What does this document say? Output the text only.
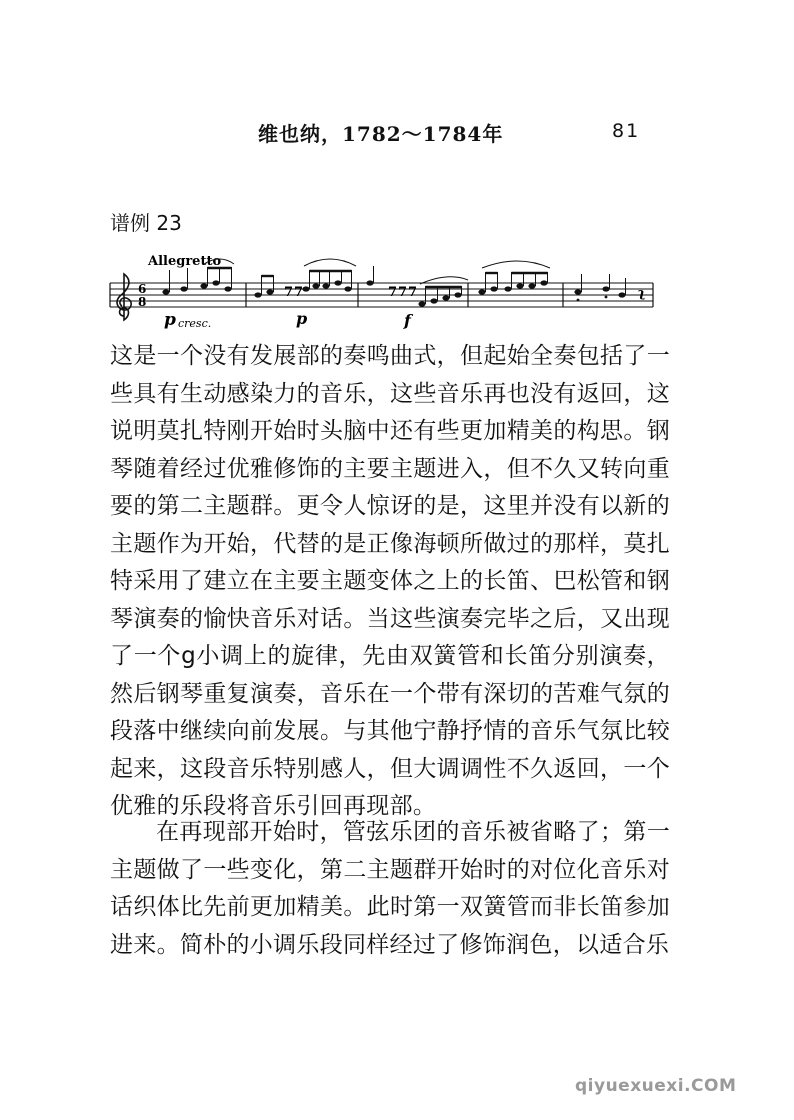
维也纳，1782～1784年	81
谱例 23
Allegretto
6
8
7 7	7 7 7	ʅ
p cresc.	p	f

这是一个没有发展部的奏鸣曲式，但起始全奏包括了一些具有生动感染力的音乐，这些音乐再也没有返回，这说明莫扎特刚开始时头脑中还有些更加精美的构思。钢琴随着经过优雅修饰的主要主题进入，但不久又转向重要的第二主题群。更令人惊讶的是，这里并没有以新的主题作为开始，代替的是正像海顿所做过的那样，莫扎特采用了建立在主要主题变体之上的长笛、巴松管和钢琴演奏的愉快音乐对话。当这些演奏完毕之后，又出现了一个g小调上的旋律，先由双簧管和长笛分别演奏，然后钢琴重复演奏，音乐在一个带有深切的苦难气氛的段落中继续向前发展。与其他宁静抒情的音乐气氛比较起来，这段音乐特别感人，但大调调性不久返回，一个优雅的乐段将音乐引回再现部。

在再现部开始时，管弦乐团的音乐被省略了；第一主题做了一些变化，第二主题群开始时的对位化音乐对话织体比先前更加精美。此时第一双簧管而非长笛参加进来。简朴的小调乐段同样经过了修饰润色，以适合乐

qiyuexuexi.COM
